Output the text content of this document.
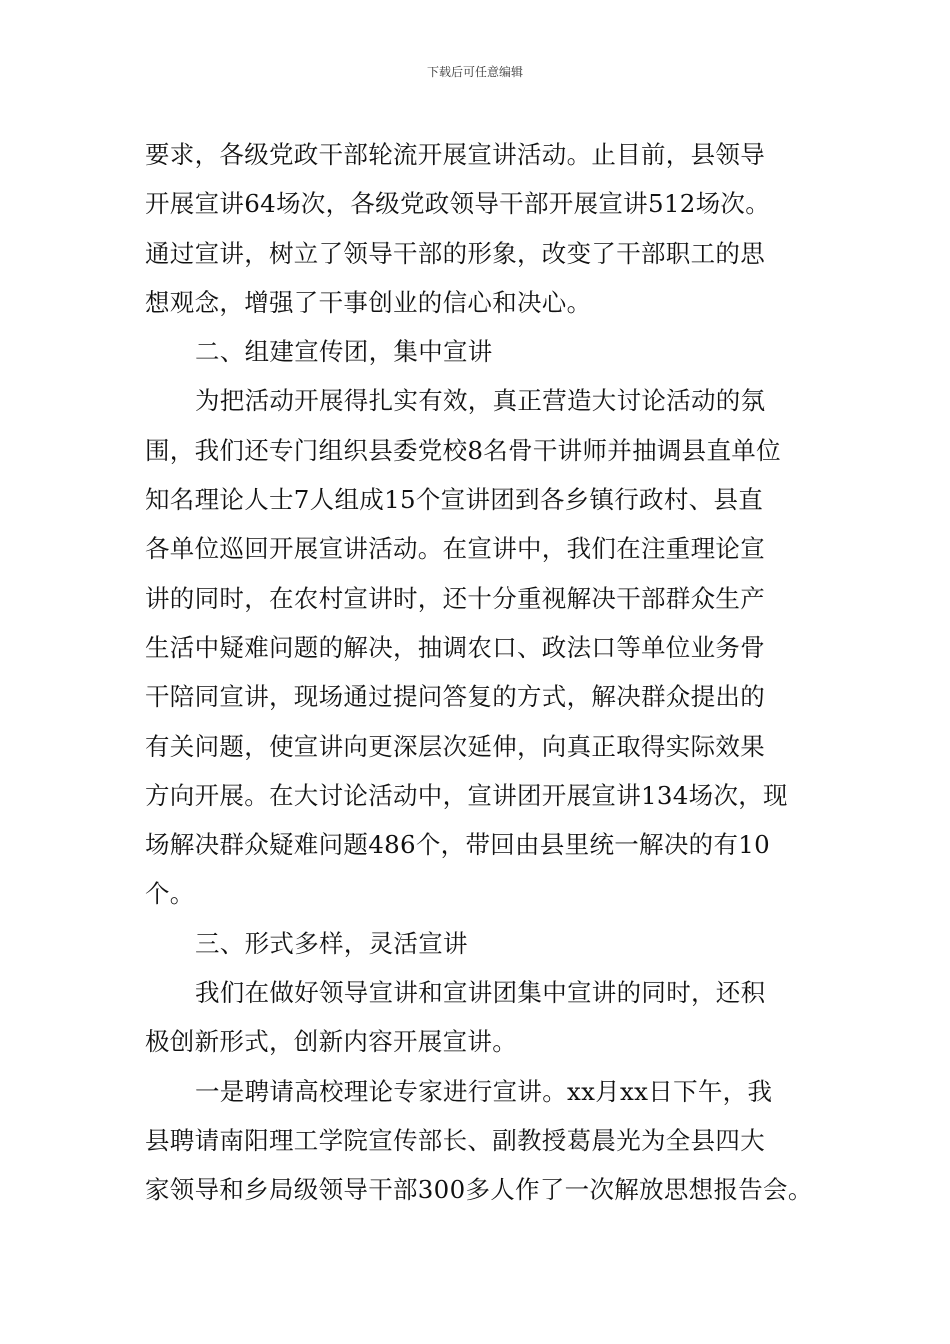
下载后可任意编辑
要求，各级党政干部轮流开展宣讲活动。止目前，县领导
开展宣讲64场次，各级党政领导干部开展宣讲512场次。
通过宣讲，树立了领导干部的形象，改变了干部职工的思
想观念，增强了干事创业的信心和决心。
二、组建宣传团，集中宣讲
为把活动开展得扎实有效，真正营造大讨论活动的氛
围，我们还专门组织县委党校8名骨干讲师并抽调县直单位
知名理论人士7人组成15个宣讲团到各乡镇行政村、县直
各单位巡回开展宣讲活动。在宣讲中，我们在注重理论宣
讲的同时，在农村宣讲时，还十分重视解决干部群众生产
生活中疑难问题的解决，抽调农口、政法口等单位业务骨
干陪同宣讲，现场通过提问答复的方式，解决群众提出的
有关问题，使宣讲向更深层次延伸，向真正取得实际效果
方向开展。在大讨论活动中，宣讲团开展宣讲134场次，现
场解决群众疑难问题486个，带回由县里统一解决的有10
个。
三、形式多样，灵活宣讲
我们在做好领导宣讲和宣讲团集中宣讲的同时，还积
极创新形式，创新内容开展宣讲。
一是聘请高校理论专家进行宣讲。xx月xx日下午，我
县聘请南阳理工学院宣传部长、副教授葛晨光为全县四大
家领导和乡局级领导干部300多人作了一次解放思想报告会。
